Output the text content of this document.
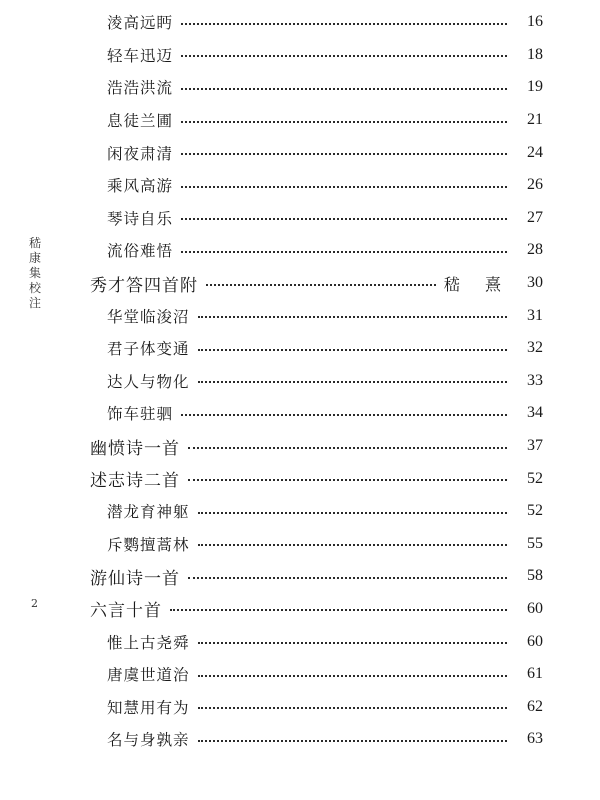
嵇康集校注
2
淩高远眄	16
轻车迅迈	18
浩浩洪流	19
息徒兰圃	21
闲夜肃清	24
乘风高游	26
琴诗自乐	27
流俗难悟	28
秀才答四首附	嵇 熹	30
华堂临浚沼	31
君子体变通	32
达人与物化	33
饰车驻驷	34
幽愤诗一首	37
述志诗二首	52
潜龙育神躯	52
斥鹦擅蒿林	55
游仙诗一首	58
六言十首	60
惟上古尧舜	60
唐虞世道治	61
知慧用有为	62
名与身孰亲	63
